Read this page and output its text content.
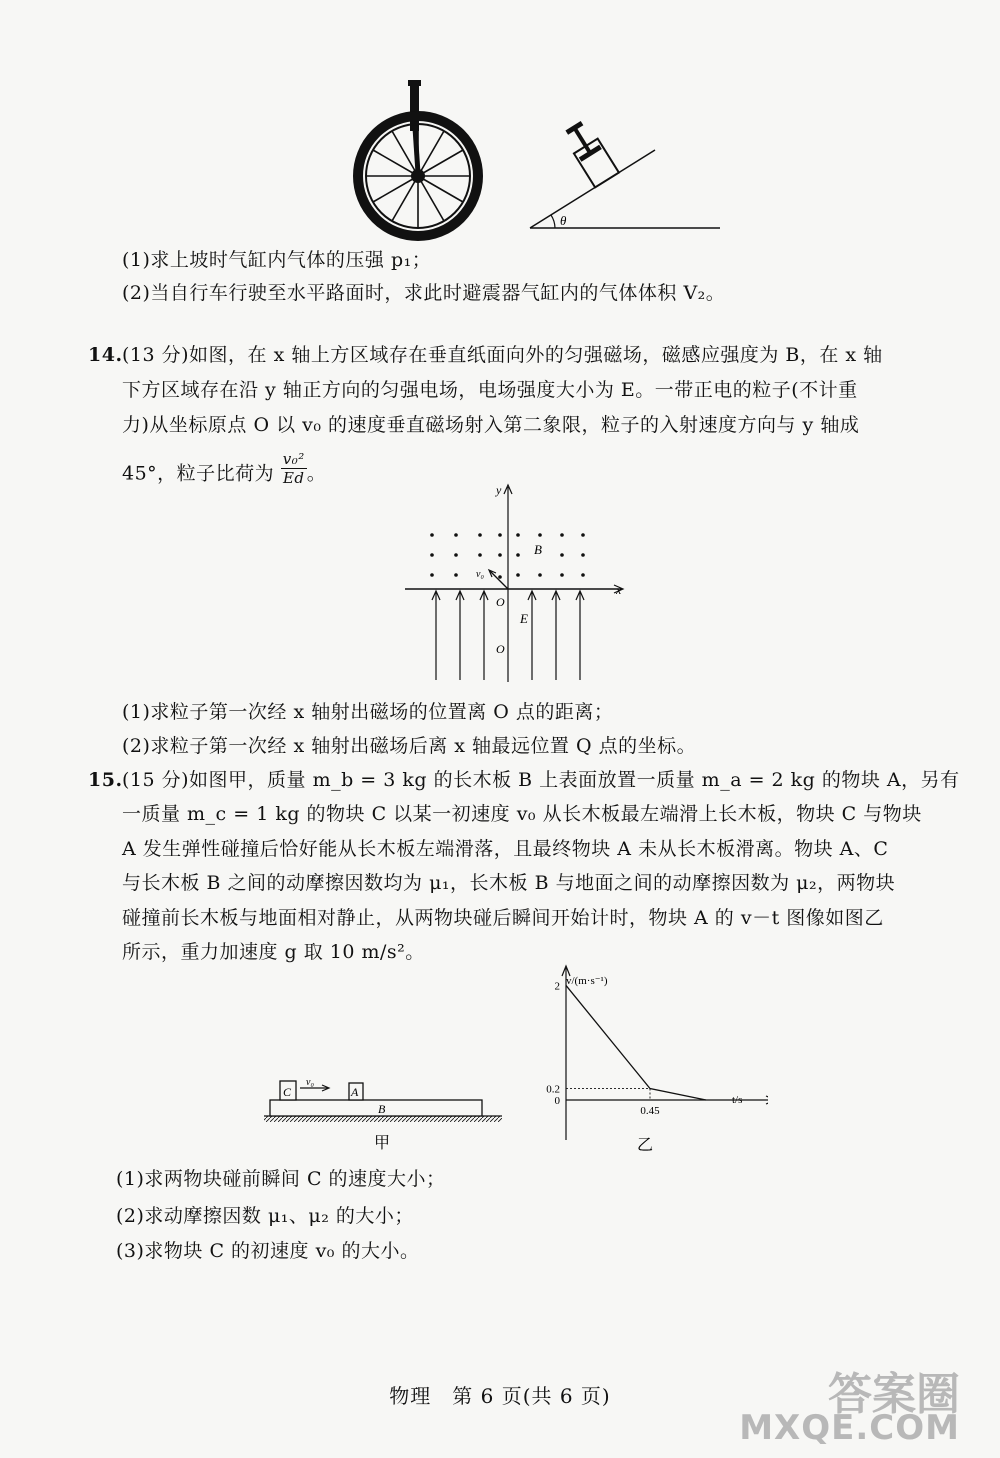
θ
(1)求上坡时气缸内气体的压强 p₁；
(2)当自行车行驶至水平路面时，求此时避震器气缸内的气体体积 V₂。
14. (13 分)如图，在 x 轴上方区域存在垂直纸面向外的匀强磁场，磁感应强度为 B，在 x 轴
下方区域存在沿 y 轴正方向的匀强电场，电场强度大小为 E。一带正电的粒子(不计重
力)从坐标原点 O 以 v₀ 的速度垂直磁场射入第二象限，粒子的入射速度方向与 y 轴成
45°，粒子比荷为 $\frac{\text{v₀²}}{Ed}$ 。
y
x
B
v₀
O
E
O
(1)求粒子第一次经 x 轴射出磁场的位置离 O 点的距离；
(2)求粒子第一次经 x 轴射出磁场后离 x 轴最远位置 Q 点的坐标。
15. (15 分)如图甲，质量 m_b = 3 kg 的长木板 B 上表面放置一质量 m_a = 2 kg 的物块 A，另有
一质量 m_c = 1 kg 的物块 C 以某一初速度 v₀ 从长木板最左端滑上长木板，物块 C 与物块
A 发生弹性碰撞后恰好能从长木板左端滑落，且最终物块 A 未从长木板滑离。物块 A、C
与长木板 B 之间的动摩擦因数均为 μ₁，长木板 B 与地面之间的动摩擦因数为 μ₂，两物块
碰撞前长木板与地面相对静止，从两物块碰后瞬间开始计时，物块 A 的 v－t 图像如图乙
所示，重力加速度 g 取 10 m/s²。
B
C
v₀
A
甲
v/(m·s⁻¹)
t/s
2
0.2
0
0.45
乙
(1)求两物块碰前瞬间 C 的速度大小；
(2)求动摩擦因数 μ₁、μ₂ 的大小；
(3)求物块 C 的初速度 v₀ 的大小。
物理　第 6 页(共 6 页)	答案圈
MXQE.COM
